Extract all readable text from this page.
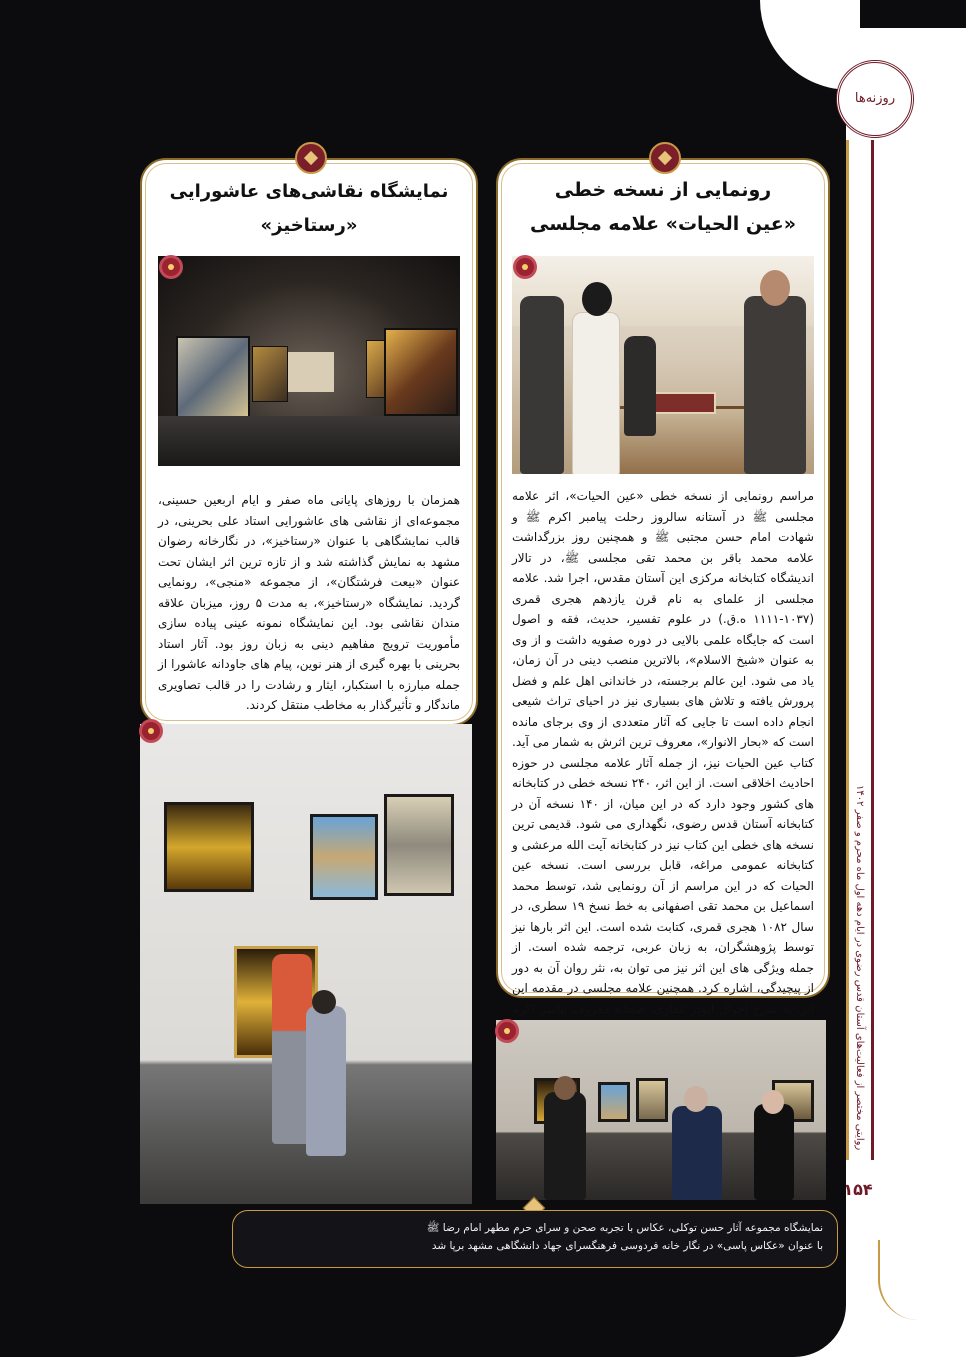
روایتی مختصر از فعالیت‌های آستان قدس رضوی در ایام دهه اول ماه محرم و صفر ۱۴۰۲
روزنه‌ها
۱۵۴
رونمایی از نسخه خطی
«عین الحیات» علامه مجلسی
مراسم رونمایی از نسخه خطی «عین الحیات»، اثر علامه مجلسی ﷺ در آستانه سالروز رحلت پیامبر اکرم ﷺ و شهادت امام حسن مجتبی ﷺ و همچنین روز بزرگداشت علامه محمد باقر بن محمد تقی مجلسی ﷺ، در تالار اندیشگاه کتابخانه مرکزی این آستان مقدس، اجرا شد. علامه مجلسی از علمای به نام قرن یازدهم هجری قمری (۱۰۳۷-۱۱۱۱ ه.ق.) در علوم تفسیر، حدیث، فقه و اصول است که جایگاه علمی بالایی در دوره صفویه داشت و از وی به عنوان «شیخ الاسلام»، بالاترین منصب دینی در آن زمان، یاد می شود. این عالم برجسته، در خاندانی اهل علم و فضل پرورش یافته و تلاش های بسیاری نیز در احیای تراث شیعی انجام داده است تا جایی که آثار متعددی از وی برجای مانده است که «بحار الانوار»، معروف ترین اثرش به شمار می آید. کتاب عین الحیات نیز، از جمله آثار علامه مجلسی در حوزه احادیث اخلاقی است. از این اثر، ۲۴۰ نسخه خطی در کتابخانه های کشور وجود دارد که در این میان، از ۱۴۰ نسخه آن در کتابخانه آستان قدس رضوی، نگهداری می شود. قدیمی ترین نسخه های خطی این کتاب نیز در کتابخانه آیت الله مرعشی و کتابخانه عمومی مراغه، قابل بررسی است. نسخه عین الحیات که در این مراسم از آن رونمایی شد، توسط محمد اسماعیل بن محمد تقی اصفهانی به خط نسخ ۱۹ سطری، در سال ۱۰۸۲ هجری قمری، کتابت شده است. این اثر بارها نیز توسط پژوهشگران، به زبان عربی، ترجمه شده است. از جمله ویژگی های این اثر نیز می توان به، نثر روان آن به دور از پیچیدگی، اشاره کرد. همچنین علامه مجلسی در مقدمه این اثر، به شرح احوال ابوذر غفاری، صحابه معروف پیامبر اکرم
نمایشگاه نقاشی‌های عاشورایی
«رستاخیز»
همزمان با روزهای پایانی ماه صفر و ایام اربعین حسینی، مجموعه‌ای از نقاشی های عاشورایی استاد علی بحرینی، در قالب نمایشگاهی با عنوان «رستاخیز»، در نگارخانه رضوان مشهد به نمایش گذاشته شد و از تازه ترین اثر ایشان تحت عنوان «بیعت فرشتگان»، از مجموعه «منجی»، رونمایی گردید. نمایشگاه «رستاخیز»، به مدت ۵ روز، میزبان علاقه مندان نقاشی بود. این نمایشگاه نمونه عینی پیاده سازی مأموریت ترویج مفاهیم دینی به زبان روز بود. آثار استاد بحرینی با بهره گیری از هنر نوین، پیام های جاودانه عاشورا از جمله مبارزه با استکبار، ایثار و رشادت را در قالب تصاویری ماندگار و تأثیرگذار به مخاطب منتقل کردند.
نمایشگاه مجموعه آثار حسن توکلی، عکاس با تجربه صحن و سرای حرم مطهر امام رضا ﷺ
با عنوان «عکاس پاسی» در نگار خانه فردوسی فرهنگسرای جهاد دانشگاهی مشهد برپا شد
